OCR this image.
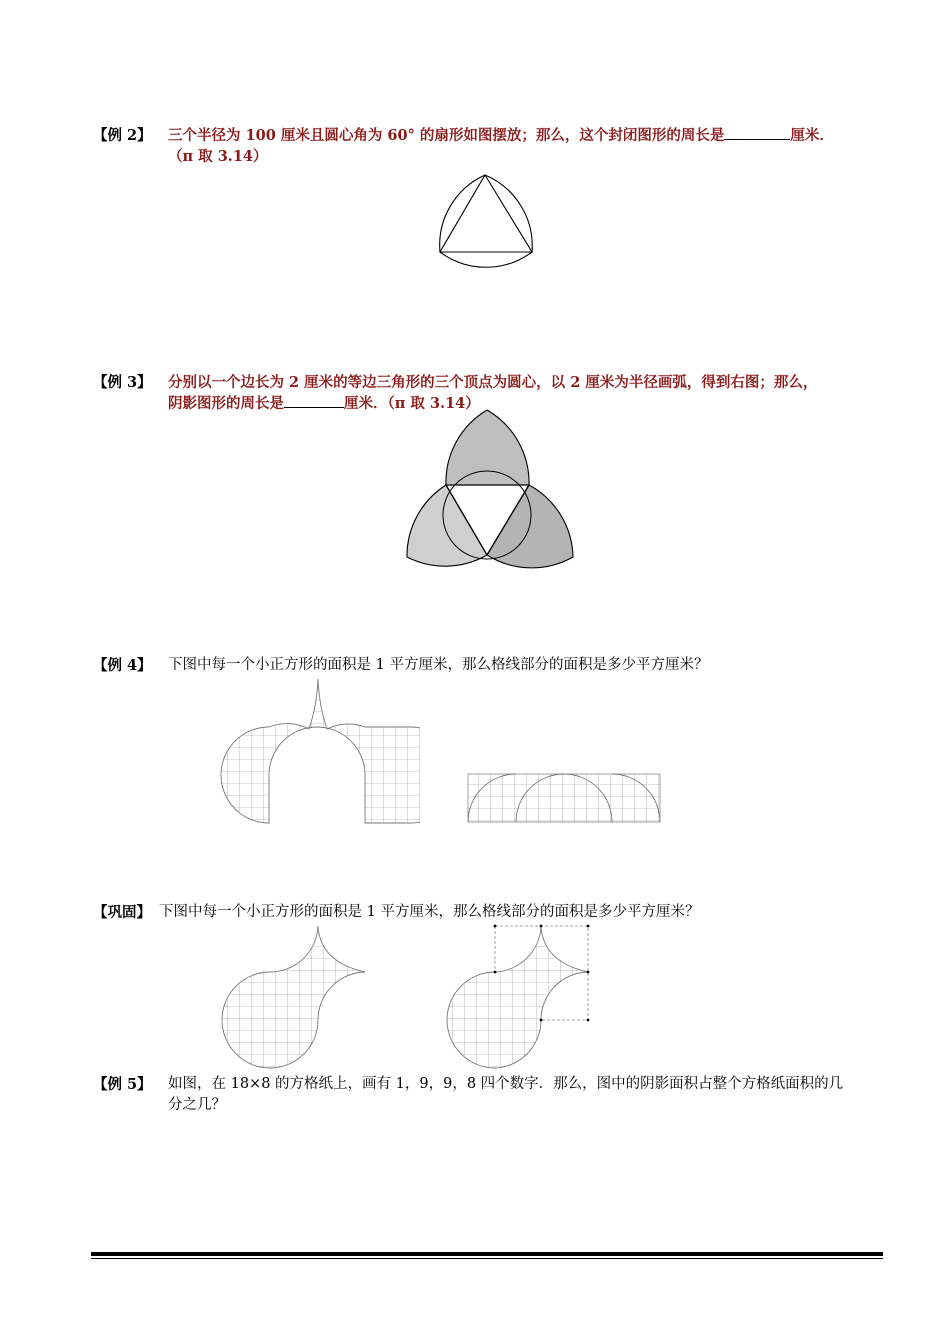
【例 2】 三个半径为 100 厘米且圆心角为 60° 的扇形如图摆放；那么，这个封闭图形的周长是	厘米．
（π 取 3.14）
【例 3】 分别以一个边长为 2 厘米的等边三角形的三个顶点为圆心，以 2 厘米为半径画弧，得到右图；那么，
阴影图形的周长是	厘米．（π 取 3.14）
【例 4】 下图中每一个小正方形的面积是 1 平方厘米，那么格线部分的面积是多少平方厘米？
【巩固】 下图中每一个小正方形的面积是 1 平方厘米，那么格线部分的面积是多少平方厘米？
【例 5】 如图，在 18×8 的方格纸上，画有 1，9，9，8 四个数字．那么，图中的阴影面积占整个方格纸面积的几
分之几？
